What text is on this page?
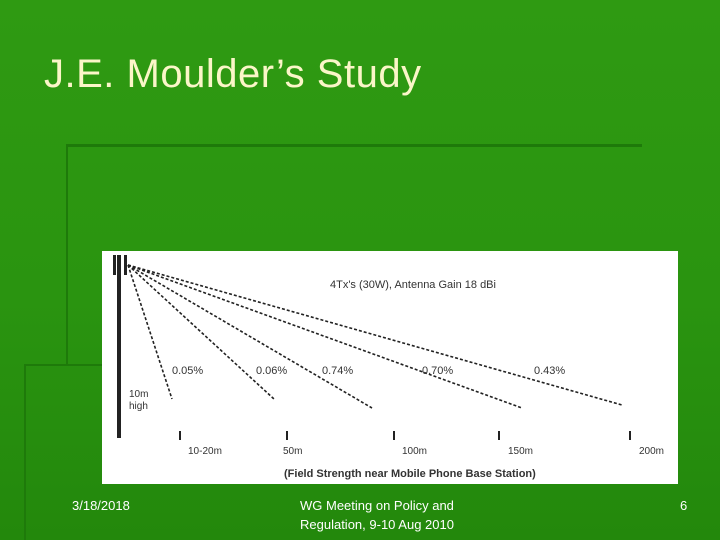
J.E. Moulder’s Study
4Tx's (30W), Antenna Gain 18 dBi
0.05%	0.06%	0.74%	0.70%	0.43%
10m
high
10-20m	50m	100m	150m	200m
(Field Strength near Mobile Phone Base Station)
3/18/2018	WG Meeting on Policy and
Regulation, 9-10 Aug 2010
6
